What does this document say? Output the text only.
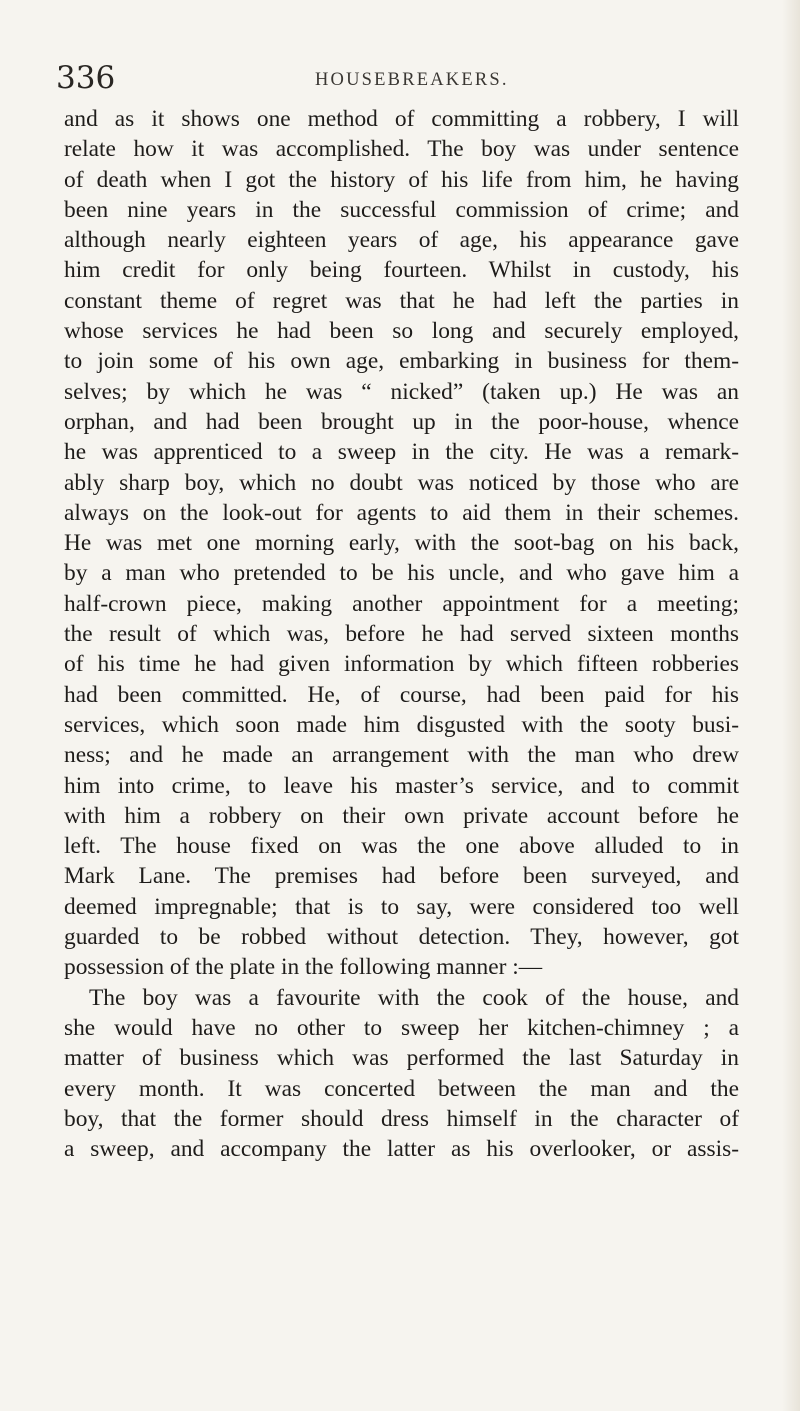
336	HOUSEBREAKERS.
and as it shows one method of committing a robbery, I will
relate how it was accomplished. The boy was under sentence
of death when I got the history of his life from him, he having
been nine years in the successful commission of crime; and
although nearly eighteen years of age, his appearance gave
him credit for only being fourteen. Whilst in custody, his
constant theme of regret was that he had left the parties in
whose services he had been so long and securely employed,
to join some of his own age, embarking in business for them-
selves; by which he was “ nicked” (taken up.) He was an
orphan, and had been brought up in the poor-house, whence
he was apprenticed to a sweep in the city. He was a remark-
ably sharp boy, which no doubt was noticed by those who are
always on the look-out for agents to aid them in their schemes.
He was met one morning early, with the soot-bag on his back,
by a man who pretended to be his uncle, and who gave him a
half-crown piece, making another appointment for a meeting;
the result of which was, before he had served sixteen months
of his time he had given information by which fifteen robberies
had been committed. He, of course, had been paid for his
services, which soon made him disgusted with the sooty busi-
ness; and he made an arrangement with the man who drew
him into crime, to leave his master’s service, and to commit
with him a robbery on their own private account before he
left. The house fixed on was the one above alluded to in
Mark Lane. The premises had before been surveyed, and
deemed impregnable; that is to say, were considered too well
guarded to be robbed without detection. They, however, got
possession of the plate in the following manner :—
The boy was a favourite with the cook of the house, and
she would have no other to sweep her kitchen-chimney ; a
matter of business which was performed the last Saturday in
every month. It was concerted between the man and the
boy, that the former should dress himself in the character of
a sweep, and accompany the latter as his overlooker, or assis-
